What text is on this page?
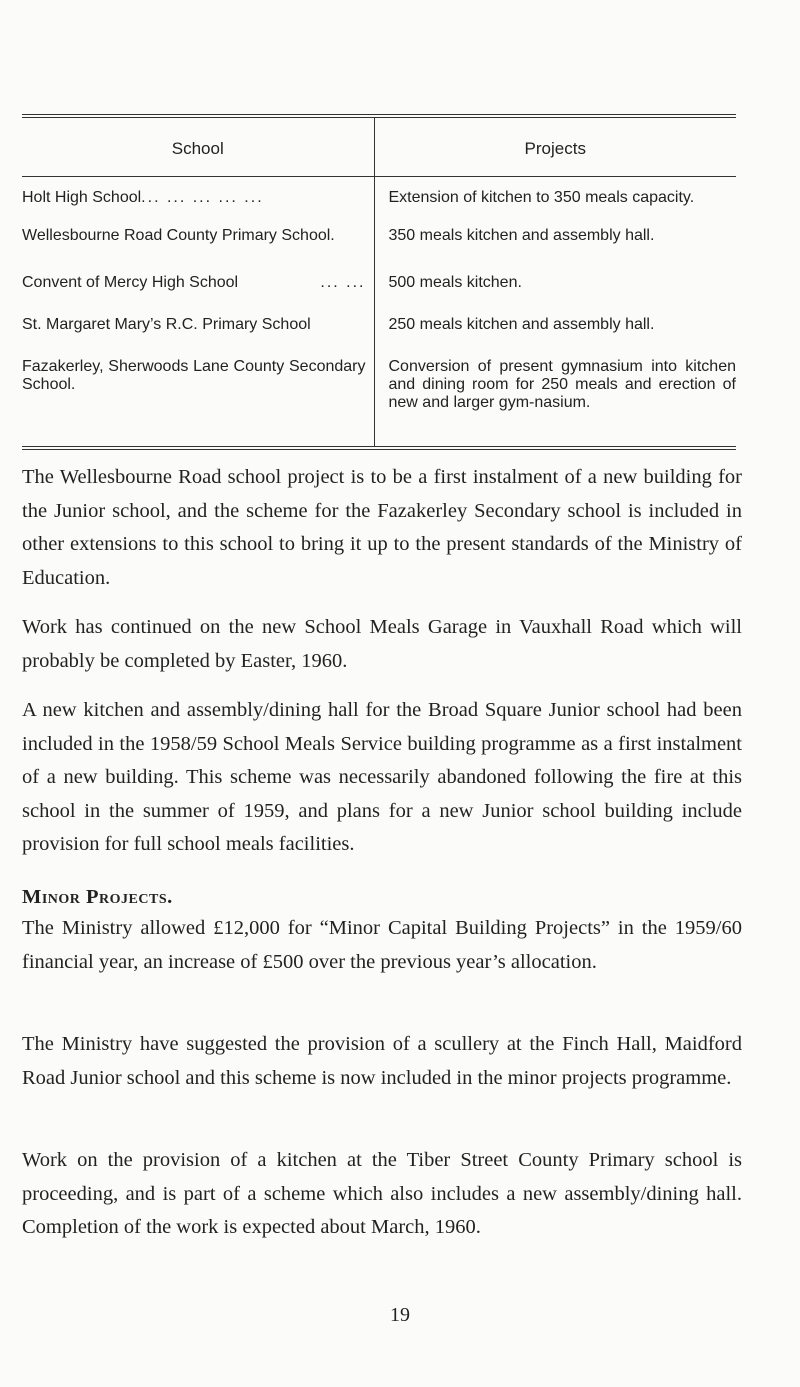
School	Projects

Holt High School ... ... ... ... ...	Extension of kitchen to 350 meals capacity.
Wellesbourne Road County Primary School.	350 meals kitchen and assembly hall.

Convent of Mercy High School ... ...	500 meals kitchen.
St. Margaret Mary’s R.C. Primary School	250 meals kitchen and assembly hall.
Fazakerley, Sherwoods Lane County Secondary School.	Conversion of present gymnasium into kitchen and dining room for 250 meals and erection of new and larger gym-nasium.

The Wellesbourne Road school project is to be a first instalment of a new building for the Junior school, and the scheme for the Fazakerley Secondary school is included in other extensions to this school to bring it up to the present standards of the Ministry of Education.

Work has continued on the new School Meals Garage in Vauxhall Road which will probably be completed by Easter, 1960.

A new kitchen and assembly/dining hall for the Broad Square Junior school had been included in the 1958/59 School Meals Service building programme as a first instalment of a new building. This scheme was necessarily abandoned following the fire at this school in the summer of 1959, and plans for a new Junior school building include provision for full school meals facilities.

Minor Projects.

The Ministry allowed £12,000 for “Minor Capital Building Projects” in the 1959/60 financial year, an increase of £500 over the previous year’s allocation.

The Ministry have suggested the provision of a scullery at the Finch Hall, Maidford Road Junior school and this scheme is now included in the minor projects programme.

Work on the provision of a kitchen at the Tiber Street County Primary school is proceeding, and is part of a scheme which also includes a new assembly/dining hall. Completion of the work is expected about March, 1960.

19
